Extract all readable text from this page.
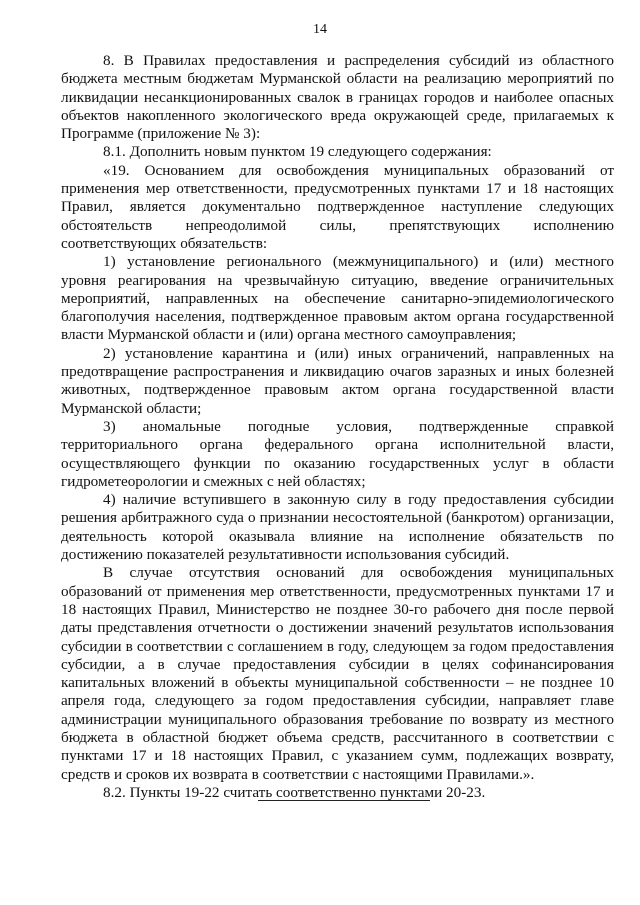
14

8. В Правилах предоставления и распределения субсидий из областного бюджета местным бюджетам Мурманской области на реализацию мероприятий по ликвидации несанкционированных свалок в границах городов и наиболее опасных объектов накопленного экологического вреда окружающей среде, прилагаемых к Программе (приложение № 3):

8.1. Дополнить новым пунктом 19 следующего содержания:

«19. Основанием для освобождения муниципальных образований от применения мер ответственности, предусмотренных пунктами 17 и 18 настоящих Правил, является документально подтвержденное наступление следующих обстоятельств непреодолимой силы, препятствующих исполнению соответствующих обязательств:

1) установление регионального (межмуниципального) и (или) местного уровня реагирования на чрезвычайную ситуацию, введение ограничительных мероприятий, направленных на обеспечение санитарно-эпидемиологического благополучия населения, подтвержденное правовым актом органа государственной власти Мурманской области и (или) органа местного самоуправления;

2) установление карантина и (или) иных ограничений, направленных на предотвращение распространения и ликвидацию очагов заразных и иных болезней животных, подтвержденное правовым актом органа государственной власти Мурманской области;

3) аномальные погодные условия, подтвержденные справкой территориального органа федерального органа исполнительной власти, осуществляющего функции по оказанию государственных услуг в области гидрометеорологии и смежных с ней областях;

4) наличие вступившего в законную силу в году предоставления субсидии решения арбитражного суда о признании несостоятельной (банкротом) организации, деятельность которой оказывала влияние на исполнение обязательств по достижению показателей результативности использования субсидий.

В случае отсутствия оснований для освобождения муниципальных образований от применения мер ответственности, предусмотренных пунктами 17 и 18 настоящих Правил, Министерство не позднее 30-го рабочего дня после первой даты представления отчетности о достижении значений результатов использования субсидии в соответствии с соглашением в году, следующем за годом предоставления субсидии, а в случае предоставления субсидии в целях софинансирования капитальных вложений в объекты муниципальной собственности – не позднее 10 апреля года, следующего за годом предоставления субсидии, направляет главе администрации муниципального образования требование по возврату из местного бюджета в областной бюджет объема средств, рассчитанного в соответствии с пунктами 17 и 18 настоящих Правил, с указанием сумм, подлежащих возврату, средств и сроков их возврата в соответствии с настоящими Правилами.».

8.2. Пункты 19-22 считать соответственно пунктами 20-23.
